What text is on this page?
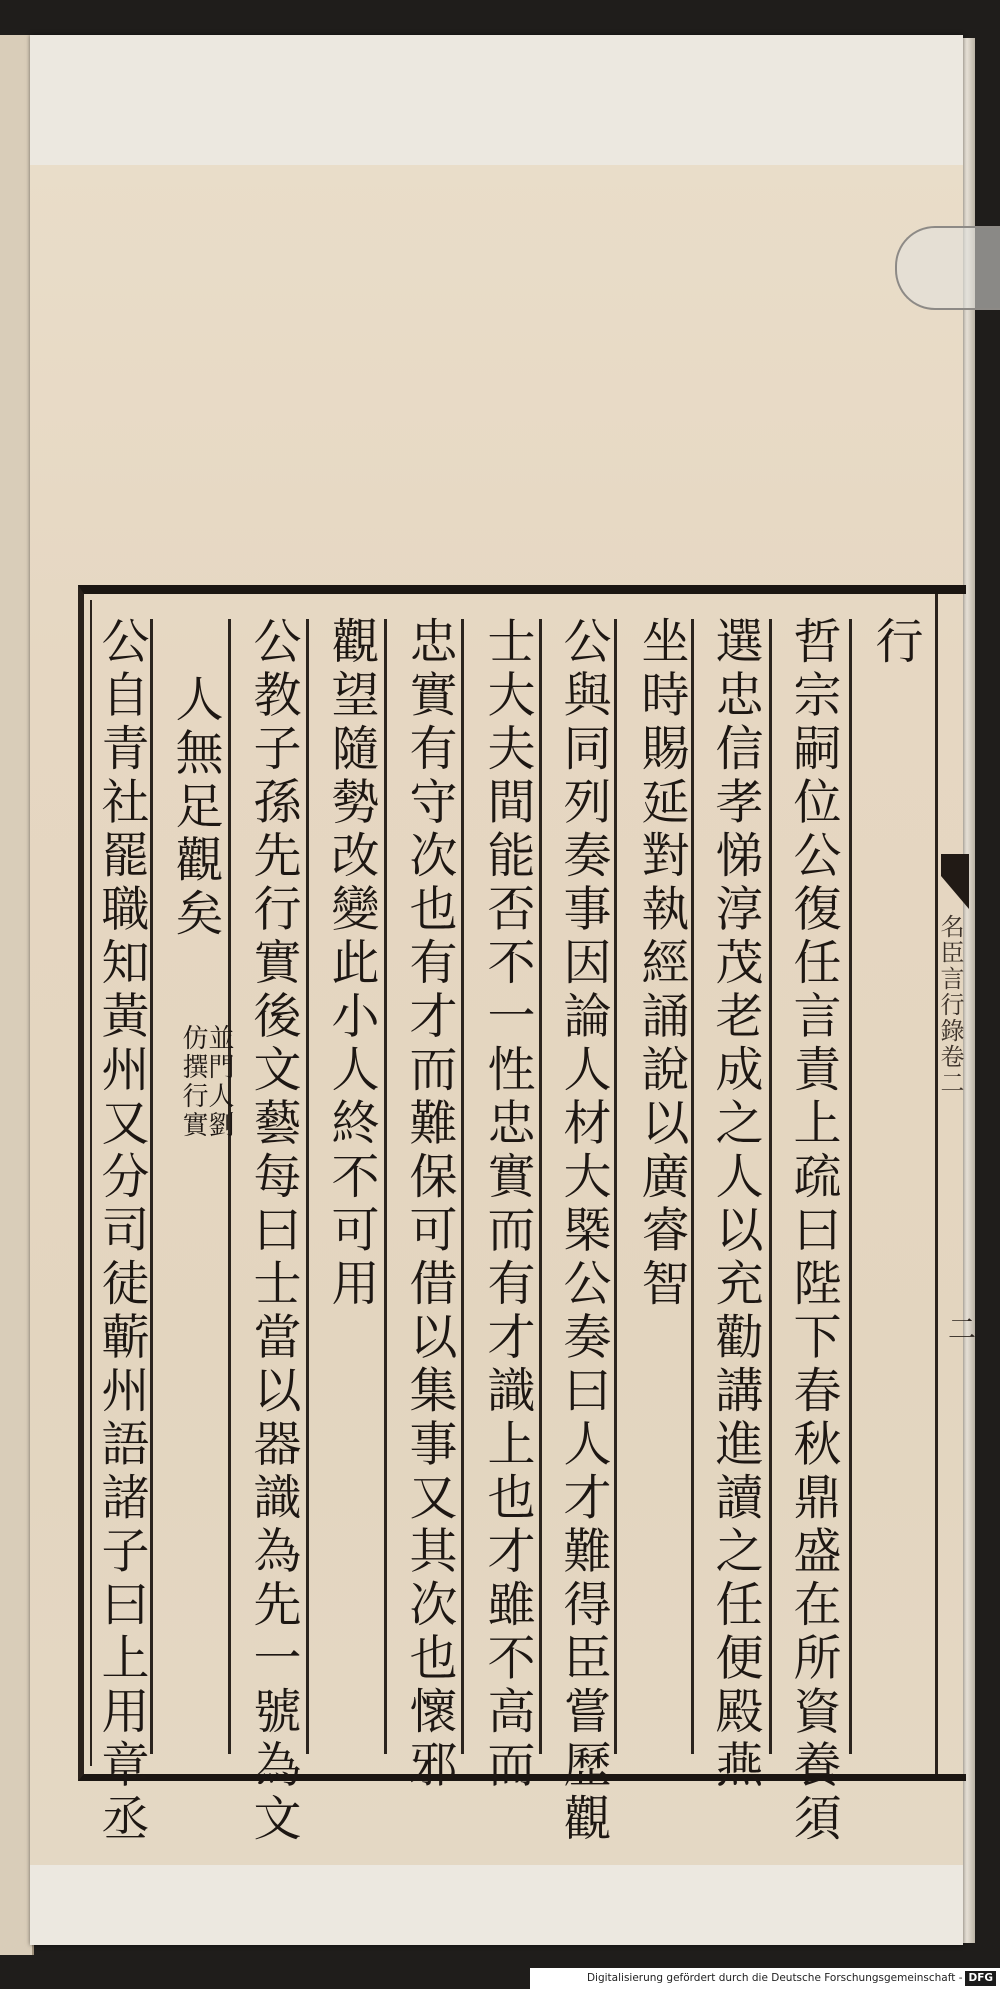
行
哲宗嗣位公復任言責上疏曰陛下春秋鼎盛在所資養須
選忠信孝悌淳茂老成之人以充勸講進讀之任便殿燕
坐時賜延對執經誦說以廣睿智
公與同列奏事因論人材大槩公奏曰人才難得臣嘗歷觀
士大夫間能否不一性忠實而有才識上也才雖不高而
忠實有守次也有才而難保可借以集事又其次也懷邪
觀望隨勢改變此小人終不可用
公教子孫先行實後文藝每曰士當以器識為先一號為文
人無足觀矣
並門人劉
仿撰行實
公自青社罷職知黃州又分司徒蘄州語諸子曰上用章丞	名臣言行錄卷二
二
Digitalisierung gefördert durch die Deutsche Forschungsgemeinschaft - DFG
